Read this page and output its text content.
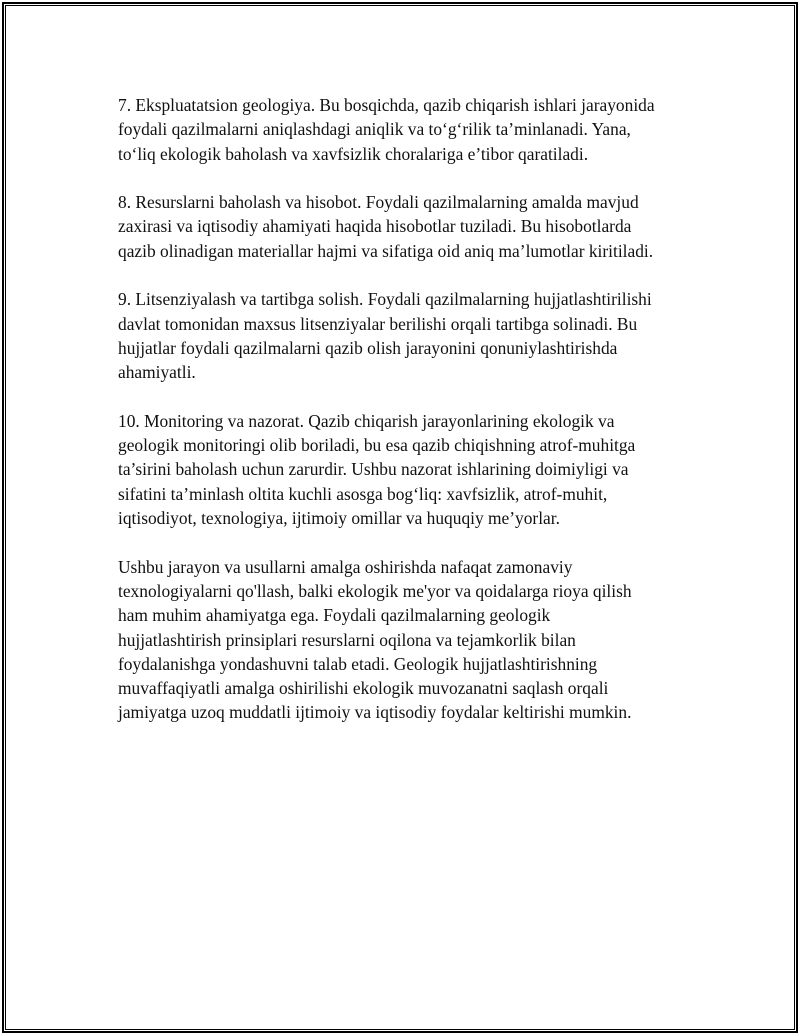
7. Ekspluatatsion geologiya. Bu bosqichda, qazib chiqarish ishlari jarayonida
foydali qazilmalarni aniqlashdagi aniqlik va to‘g‘rilik ta’minlanadi. Yana,
to‘liq ekologik baholash va xavfsizlik choralariga e’tibor qaratiladi.

8. Resurslarni baholash va hisobot. Foydali qazilmalarning amalda mavjud
zaxirasi va iqtisodiy ahamiyati haqida hisobotlar tuziladi. Bu hisobotlarda
qazib olinadigan materiallar hajmi va sifatiga oid aniq ma’lumotlar kiritiladi.

9. Litsenziyalash va tartibga solish. Foydali qazilmalarning hujjatlashtirilishi
davlat tomonidan maxsus litsenziyalar berilishi orqali tartibga solinadi. Bu
hujjatlar foydali qazilmalarni qazib olish jarayonini qonuniylashtirishda
ahamiyatli.

10. Monitoring va nazorat. Qazib chiqarish jarayonlarining ekologik va
geologik monitoringi olib boriladi, bu esa qazib chiqishning atrof-muhitga
ta’sirini baholash uchun zarurdir. Ushbu nazorat ishlarining doimiyligi va
sifatini ta’minlash oltita kuchli asosga bog‘liq: xavfsizlik, atrof-muhit,
iqtisodiyot, texnologiya, ijtimoiy omillar va huquqiy me’yorlar.

Ushbu jarayon va usullarni amalga oshirishda nafaqat zamonaviy
texnologiyalarni qo'llash, balki ekologik me'yor va qoidalarga rioya qilish
ham muhim ahamiyatga ega. Foydali qazilmalarning geologik
hujjatlashtirish prinsiplari resurslarni oqilona va tejamkorlik bilan
foydalanishga yondashuvni talab etadi. Geologik hujjatlashtirishning
muvaffaqiyatli amalga oshirilishi ekologik muvozanatni saqlash orqali
jamiyatga uzoq muddatli ijtimoiy va iqtisodiy foydalar keltirishi mumkin.
